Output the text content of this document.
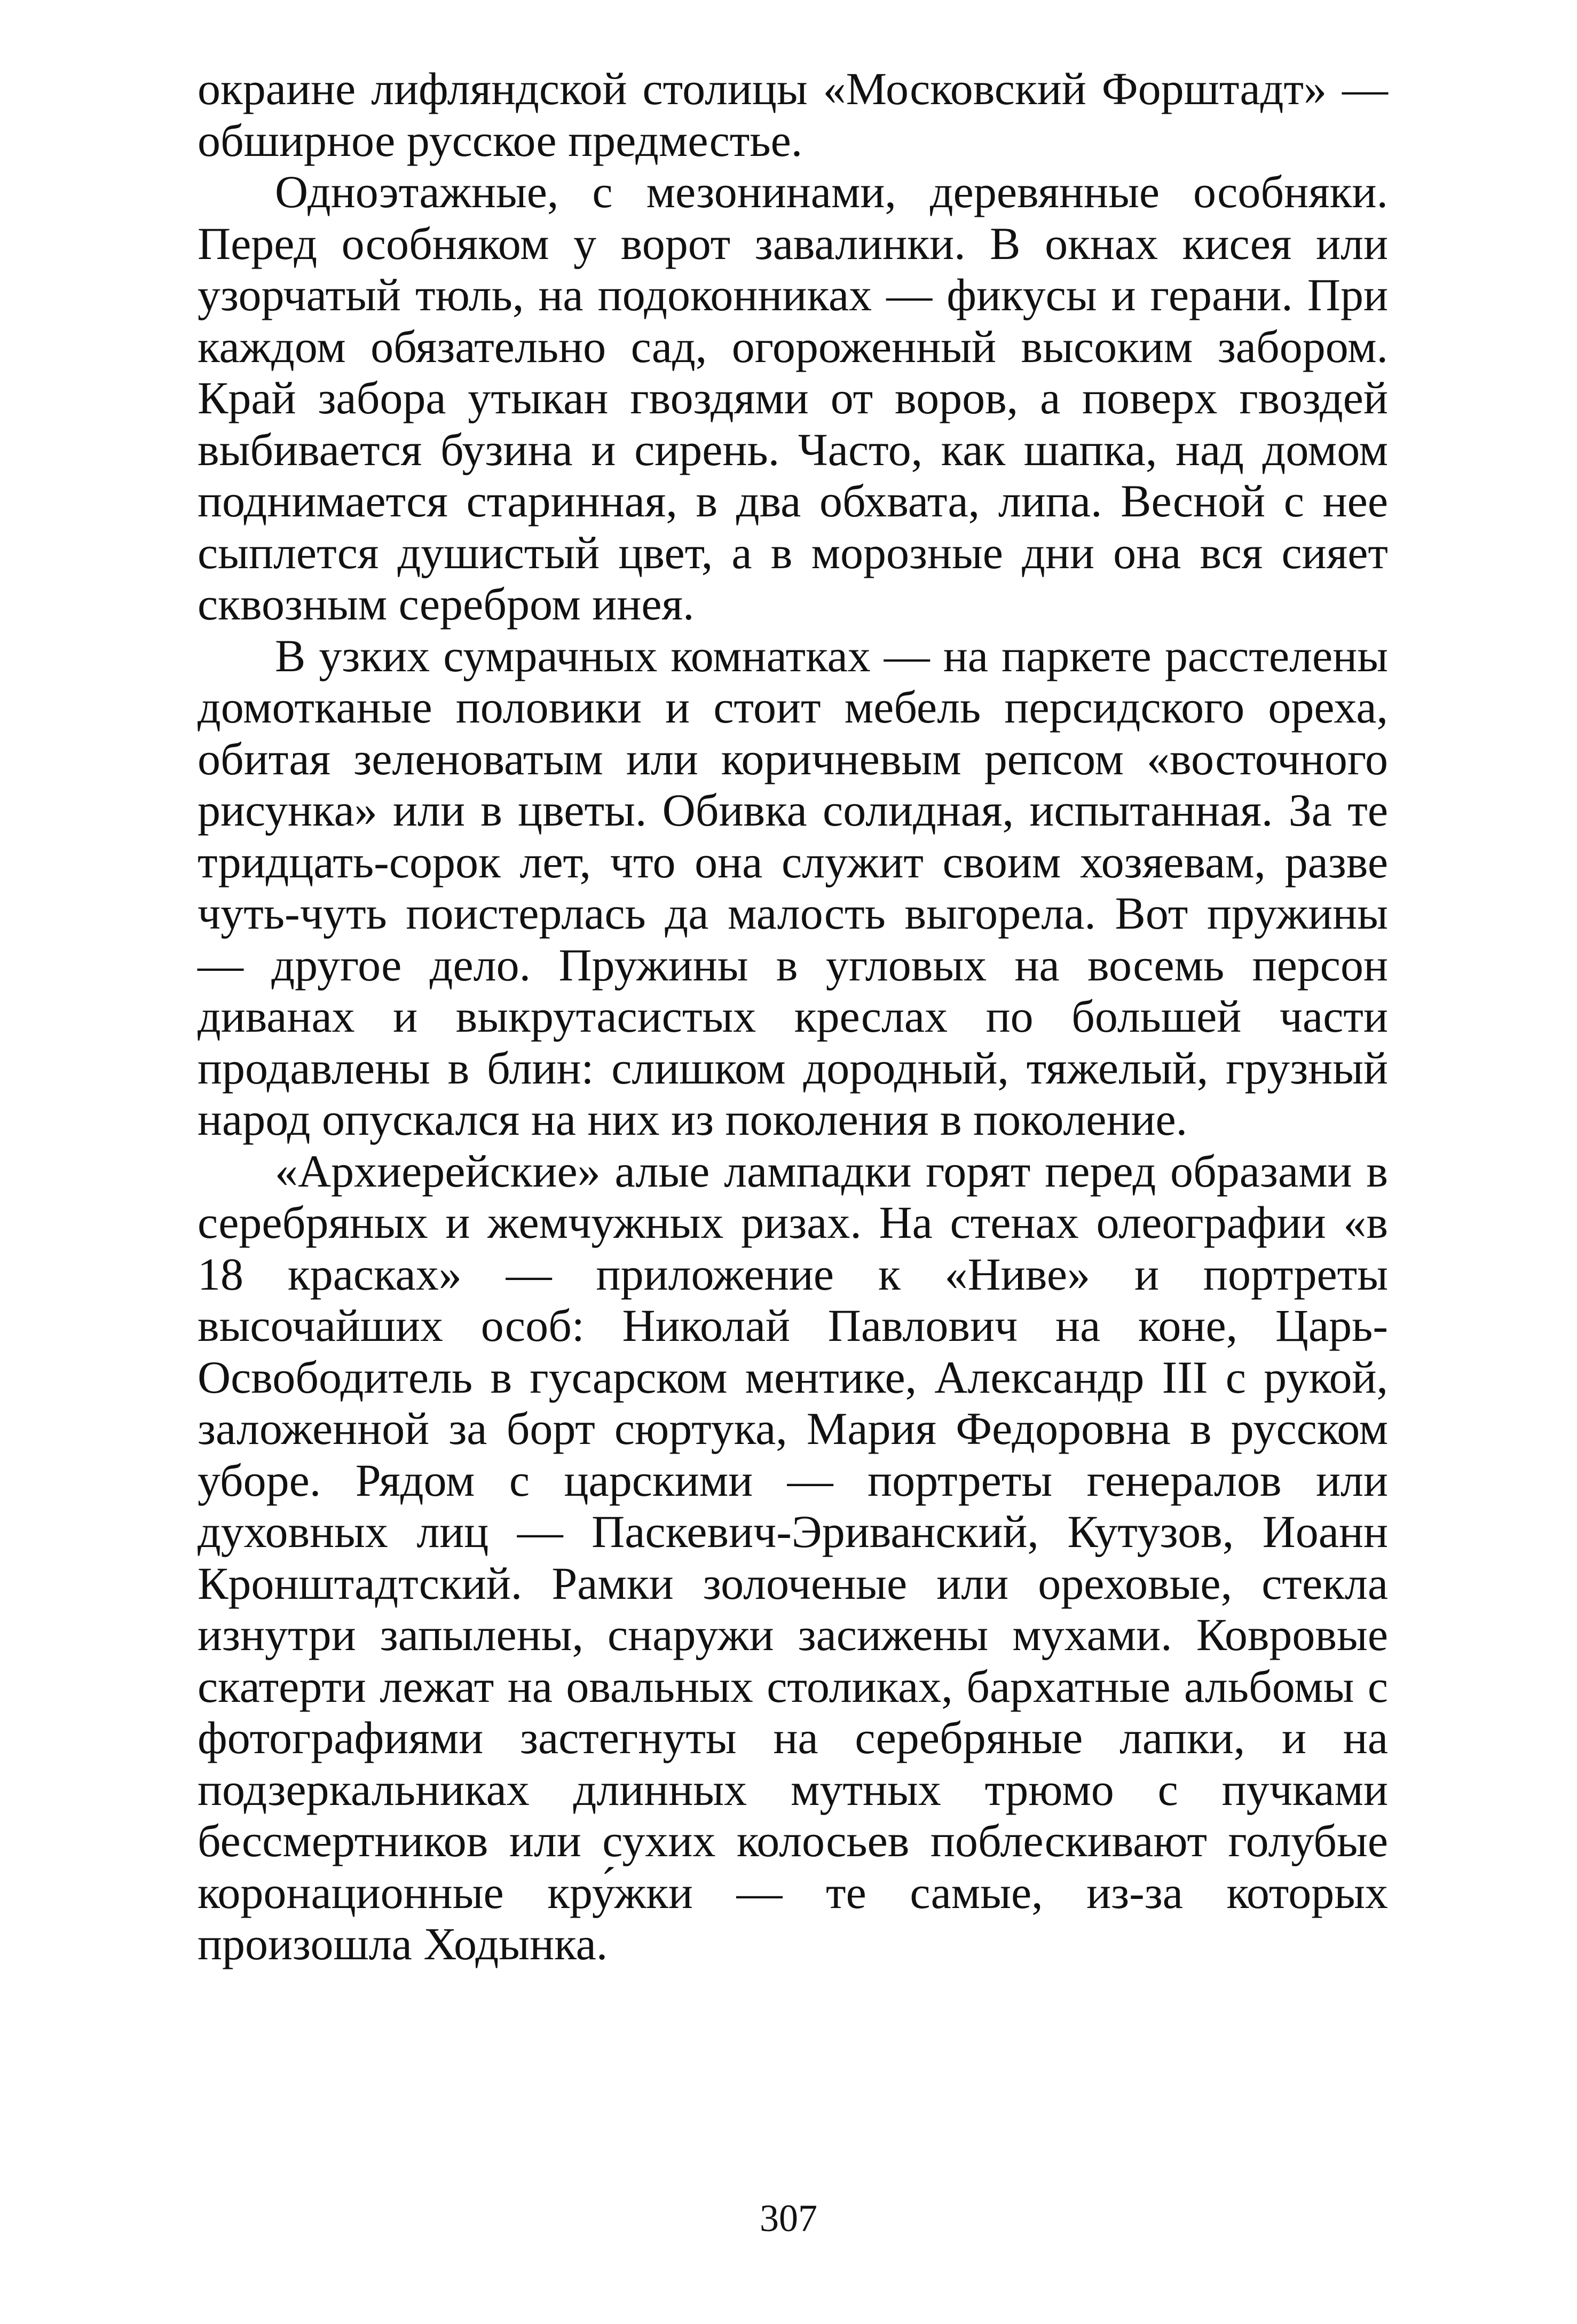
окраине лифляндской столицы «Московский Форштадт» — обширное русское предместье.

Одноэтажные, с мезонинами, деревянные особняки. Перед особняком у ворот завалинки. В окнах кисея или узорчатый тюль, на подоконниках — фикусы и герани. При каждом обязательно сад, огороженный высоким забором. Край забора утыкан гвоздями от воров, а поверх гвоздей выбивается бузина и сирень. Часто, как шапка, над домом поднимается старинная, в два обхвата, липа. Весной с нее сыплется душистый цвет, а в морозные дни она вся сияет сквозным серебром инея.

В узких сумрачных комнатках — на паркете расстелены домотканые половики и стоит мебель персидского ореха, обитая зеленоватым или коричневым репсом «восточного рисунка» или в цветы. Обивка солидная, испытанная. За те тридцать-сорок лет, что она служит своим хозяевам, разве чуть-чуть поистерлась да малость выгорела. Вот пружины — другое дело. Пружины в угловых на восемь персон диванах и выкрутасистых креслах по большей части продавлены в блин: слишком дородный, тяжелый, грузный народ опускался на них из поколения в поколение.

«Архиерейские» алые лампадки горят перед образами в серебряных и жемчужных ризах. На стенах олеографии «в 18 красках» — приложение к «Ниве» и портреты высочайших особ: Николай Павлович на коне, Царь-Освободитель в гусарском ментике, Александр III с рукой, заложенной за борт сюртука, Мария Федоровна в русском уборе. Рядом с царскими — портреты генералов или духовных лиц — Паскевич-Эриванский, Кутузов, Иоанн Кронштадтский. Рамки золоченые или ореховые, стекла изнутри запылены, снаружи засижены мухами. Ковровые скатерти лежат на овальных столиках, бархатные альбомы с фотографиями застегнуты на серебряные лапки, и на подзеркальниках длинных мутных трюмо с пучками бессмертников или сухих колосьев поблескивают голубые коронационные кру́жки — те самые, из-за которых произошла Ходынка.

307
